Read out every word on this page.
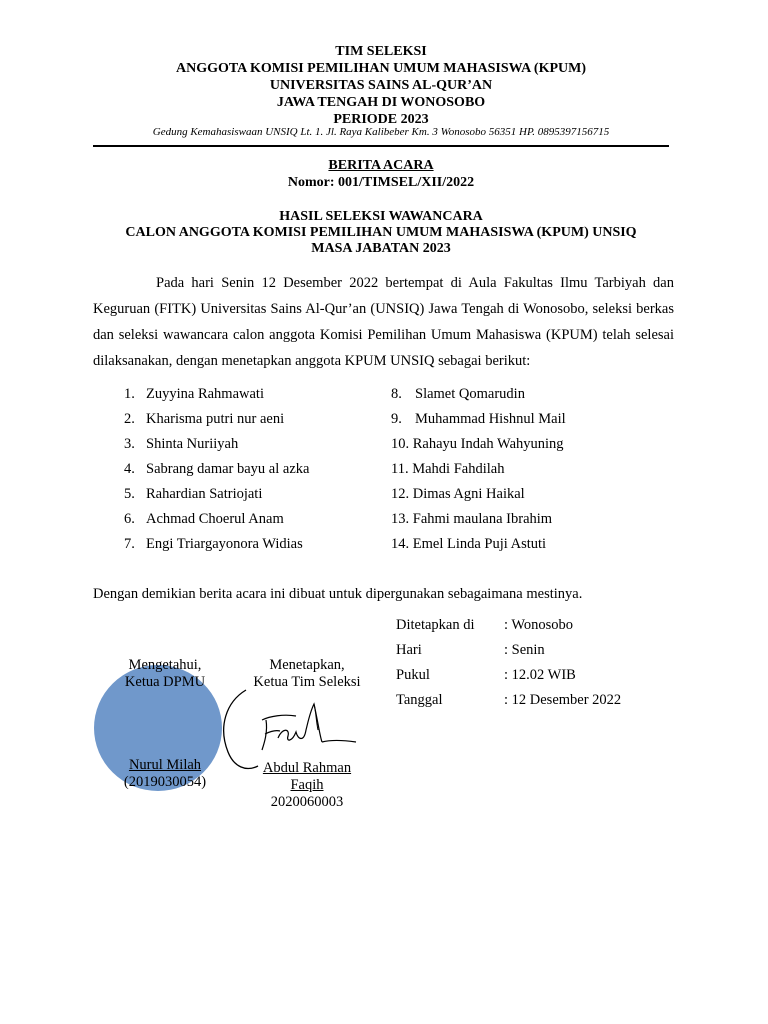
TIM SELEKSI
ANGGOTA KOMISI PEMILIHAN UMUM MAHASISWA (KPUM)
UNIVERSITAS SAINS AL-QUR’AN
JAWA TENGAH DI WONOSOBO
PERIODE 2023
Gedung Kemahasiswaan UNSIQ Lt. 1. Jl. Raya Kalibeber Km. 3 Wonosobo 56351 HP. 0895397156715
BERITA ACARA
Nomor: 001/TIMSEL/XII/2022
HASIL SELEKSI WAWANCARA
CALON ANGGOTA KOMISI PEMILIHAN UMUM MAHASISWA (KPUM) UNSIQ
MASA JABATAN 2023
Pada hari Senin 12 Desember 2022 bertempat di Aula Fakultas Ilmu Tarbiyah dan Keguruan (FITK) Universitas Sains Al-Qur’an (UNSIQ) Jawa Tengah di Wonosobo, seleksi berkas dan seleksi wawancara calon anggota Komisi Pemilihan Umum Mahasiswa (KPUM) telah selesai dilaksanakan, dengan menetapkan anggota KPUM UNSIQ sebagai berikut:
1. Zuyyina Rahmawati
2. Kharisma putri nur aeni
3. Shinta Nuriiyah
4. Sabrang damar bayu al azka
5. Rahardian Satriojati
6. Achmad Choerul Anam
7. Engi Triargayonora Widias
8. Slamet Qomarudin
9. Muhammad Hishnul Mail
10.
Rahayu Indah Wahyuning
11.
Mahdi Fahdilah
12.
Dimas Agni Haikal
13.
Fahmi maulana Ibrahim
14.
Emel Linda Puji Astuti
Dengan demikian berita acara ini dibuat untuk dipergunakan sebagaimana mestinya.
Ditetapkan di	: Wonosobo
Hari	: Senin
Pukul	: 12.02 WIB
Tanggal	: 12 Desember 2022
Mengetahui,
Ketua DPMU
Nurul Milah
(2019030054)
Menetapkan,
Ketua Tim Seleksi
Abdul Rahman
Faqih
2020060003
